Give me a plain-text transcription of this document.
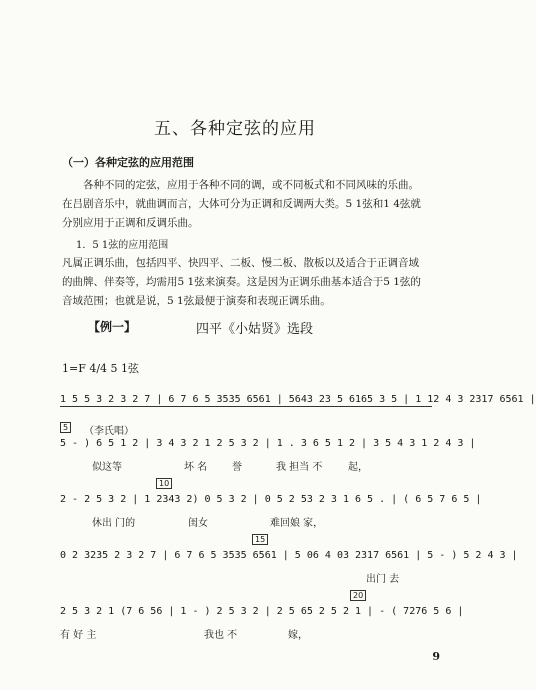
五、各种定弦的应用
（一）各种定弦的应用范围
各种不同的定弦，应用于各种不同的调，或不同板式和不同风味的乐曲。在吕剧音乐中，就曲调而言，大体可分为正调和反调两大类。5 1弦和1 4弦就分别应用于正调和反调乐曲。
1．5 1弦的应用范围
凡属正调乐曲，包括四平、快四平、二板、慢二板、散板以及适合于正调音域的曲牌、伴奏等，均需用5 1弦来演奏。这是因为正调乐曲基本适合于5 1弦的音域范围；也就是说，5 1弦最便于演奏和表现正调乐曲。
【例一】	四平《小姑贤》选段
1=F 4/4 5 1弦
1 5 5 3 2 3 2 7 | 6 7 6 5 3535 6561 | 5643 23 5 6165 3 5 | 1 12 4 3 2317 6561 |
5	（李氏唱）
5 - ) 6 5 1 2 | 3 4 3 2 1 2 5 3 2 | 1 . 3 6 5 1 2 | 3 5 4 3 1 2 4 3 |
似这等	坏 名 誉	我 担当 不	起，
10
2 - 2 5 3 2 | 1 2343 2) 0 5 3 2 | 0 5 2 53 2 3 1 6 5 . | ( 6 5 7 6 5 |
休出 门的	闺女	难回娘 家，
15
0 2 3235 2 3 2 7 | 6 7 6 5 3535 6561 | 5 06 4 03 2317 6561 | 5 - ) 5 2 4 3 |
出门 去
20
2 5 3 2 1 (7 6 56 | 1 - ) 2 5 3 2 | 2 5 65 2 5 2 1 | - ( 7276 5 6 |
有 好 主	我也 不	嫁，
9
